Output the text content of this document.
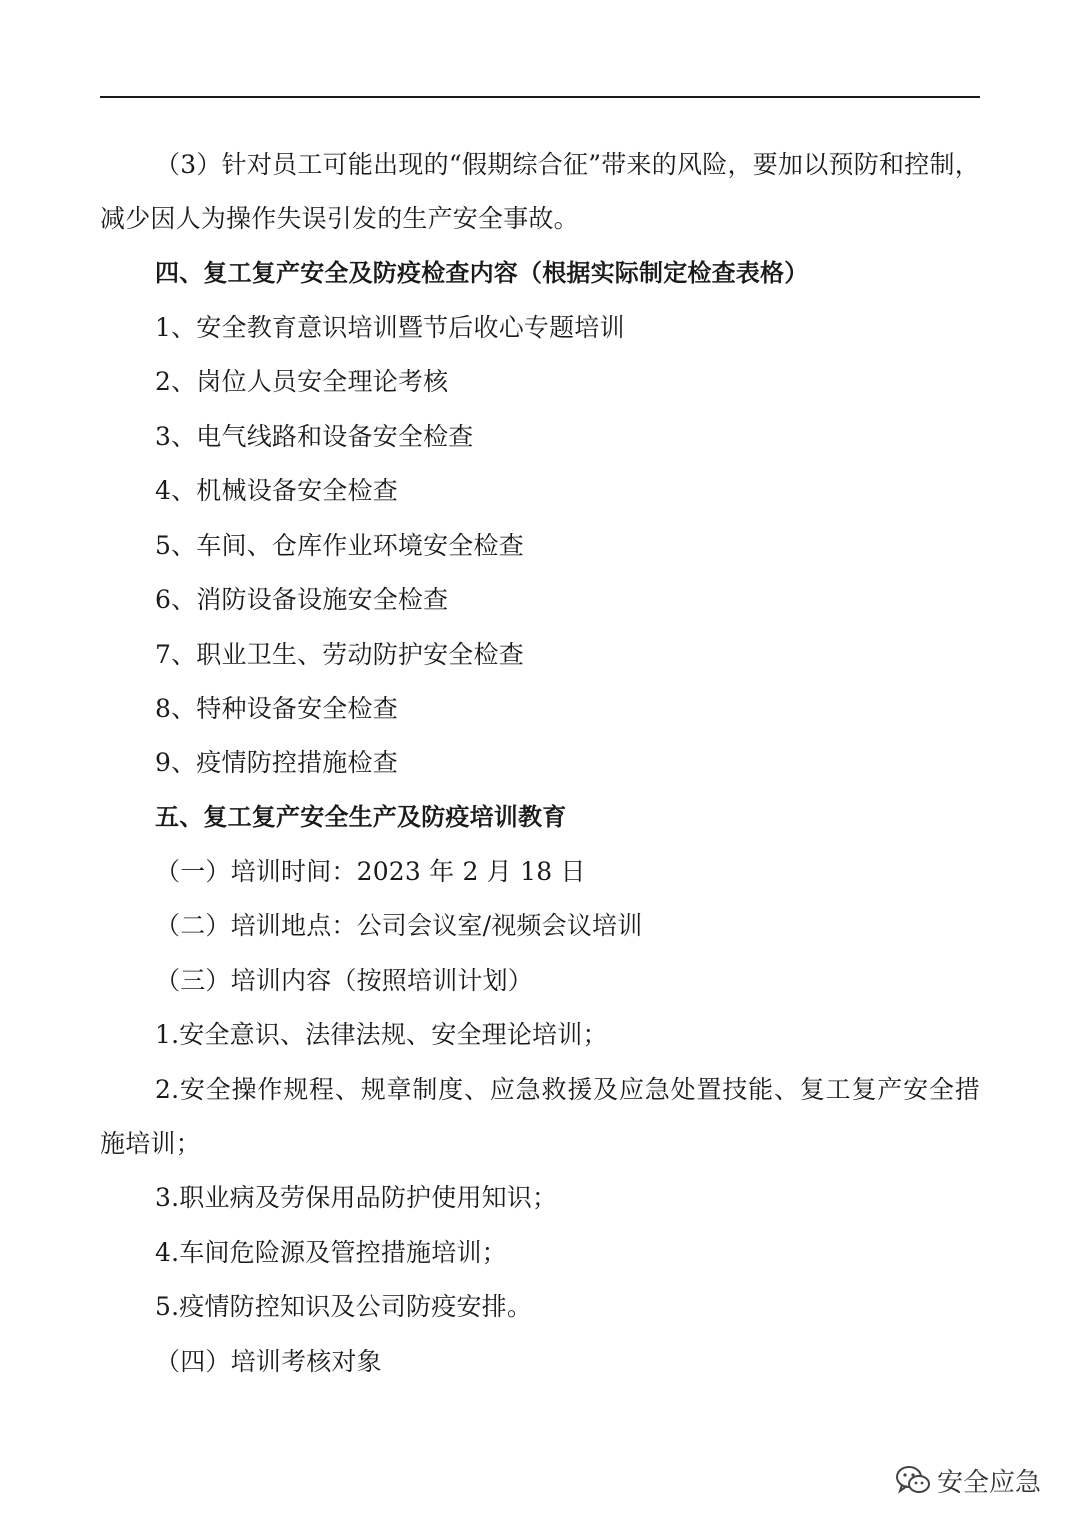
（3）针对员工可能出现的“假期综合征”带来的风险，要加以预防和控制，
减少因人为操作失误引发的生产安全事故。
四、复工复产安全及防疫检查内容（根据实际制定检查表格）
1、安全教育意识培训暨节后收心专题培训
2、岗位人员安全理论考核
3、电气线路和设备安全检查
4、机械设备安全检查
5、车间、仓库作业环境安全检查
6、消防设备设施安全检查
7、职业卫生、劳动防护安全检查
8、特种设备安全检查
9、疫情防控措施检查
五、复工复产安全生产及防疫培训教育
（一）培训时间：2023 年 2 月 18 日
（二）培训地点：公司会议室/视频会议培训
（三）培训内容（按照培训计划）
1.安全意识、法律法规、安全理论培训；
2.安全操作规程、规章制度、应急救援及应急处置技能、复工复产安全措
施培训；
3.职业病及劳保用品防护使用知识；
4.车间危险源及管控措施培训；
5.疫情防控知识及公司防疫安排。
（四）培训考核对象
安全应急
